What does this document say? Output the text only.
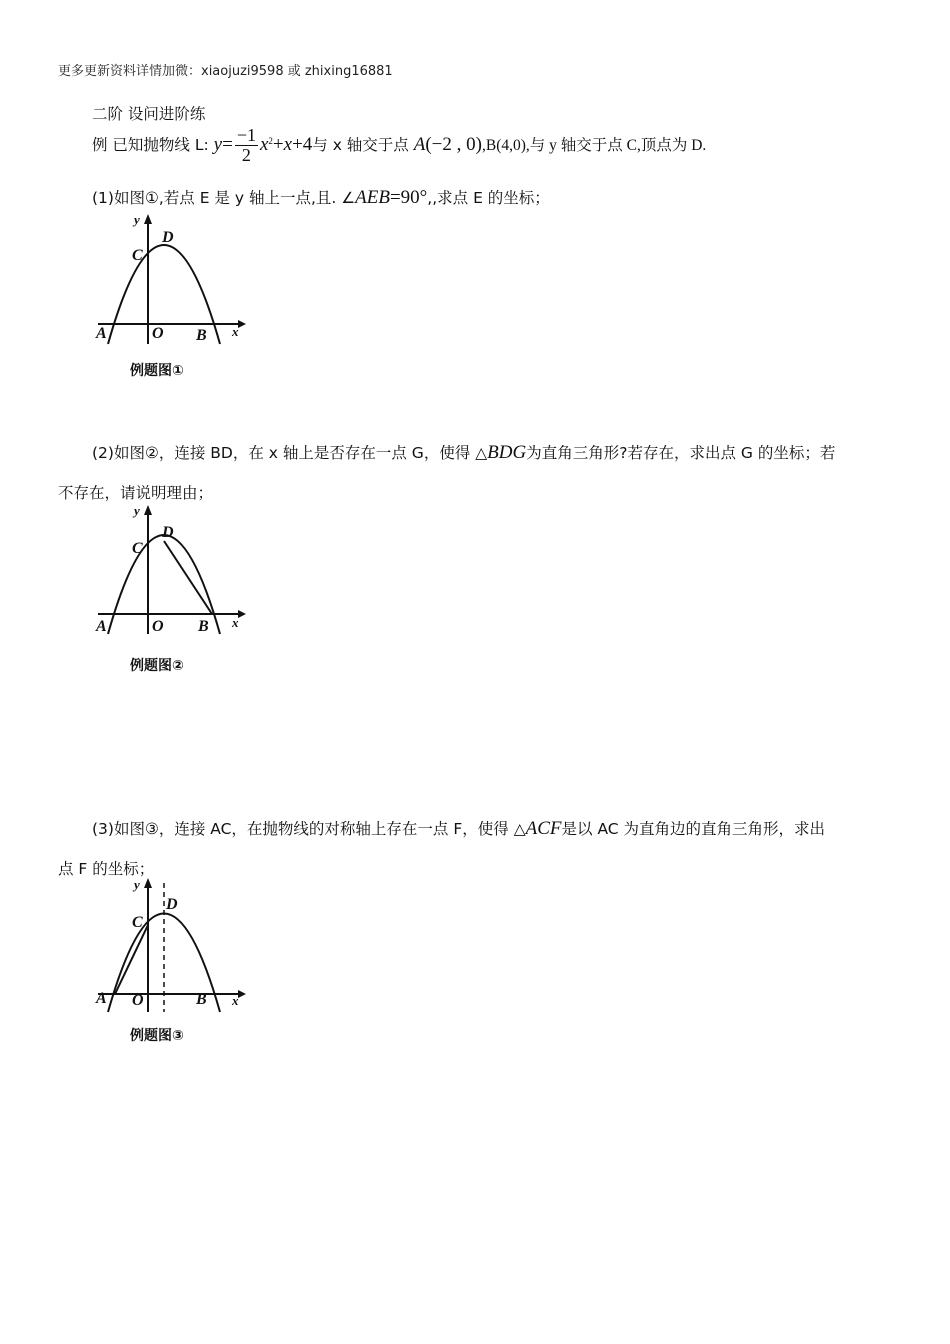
更多更新资料详情加微：xiaojuzi9598 或 zhixing16881
二阶 设问进阶练
例 已知抛物线 L: $y= \frac{-1}{2} x^2+x+4$与 x 轴交于点 A(−2 , 0),B(4,0),与 y 轴交于点 C,顶点为 D.
(1)如图①,若点 E 是 y 轴上一点,且. ∠AEB=90°,,求点 E 的坐标；
y
x
A	O B
C
D
例题图①
(2)如图②，连接 BD，在 x 轴上是否存在一点 G，使得 △BDG为直角三角形?若存在，求出点 G 的坐标；若
不存在，请说明理由；
y
x
A	O B
C
D
例题图②
(3)如图③，连接 AC，在抛物线的对称轴上存在一点 F，使得 △ACF是以 AC 为直角边的直角三角形，求出
点 F 的坐标；
y
x
A O	B
C
D
例题图③
